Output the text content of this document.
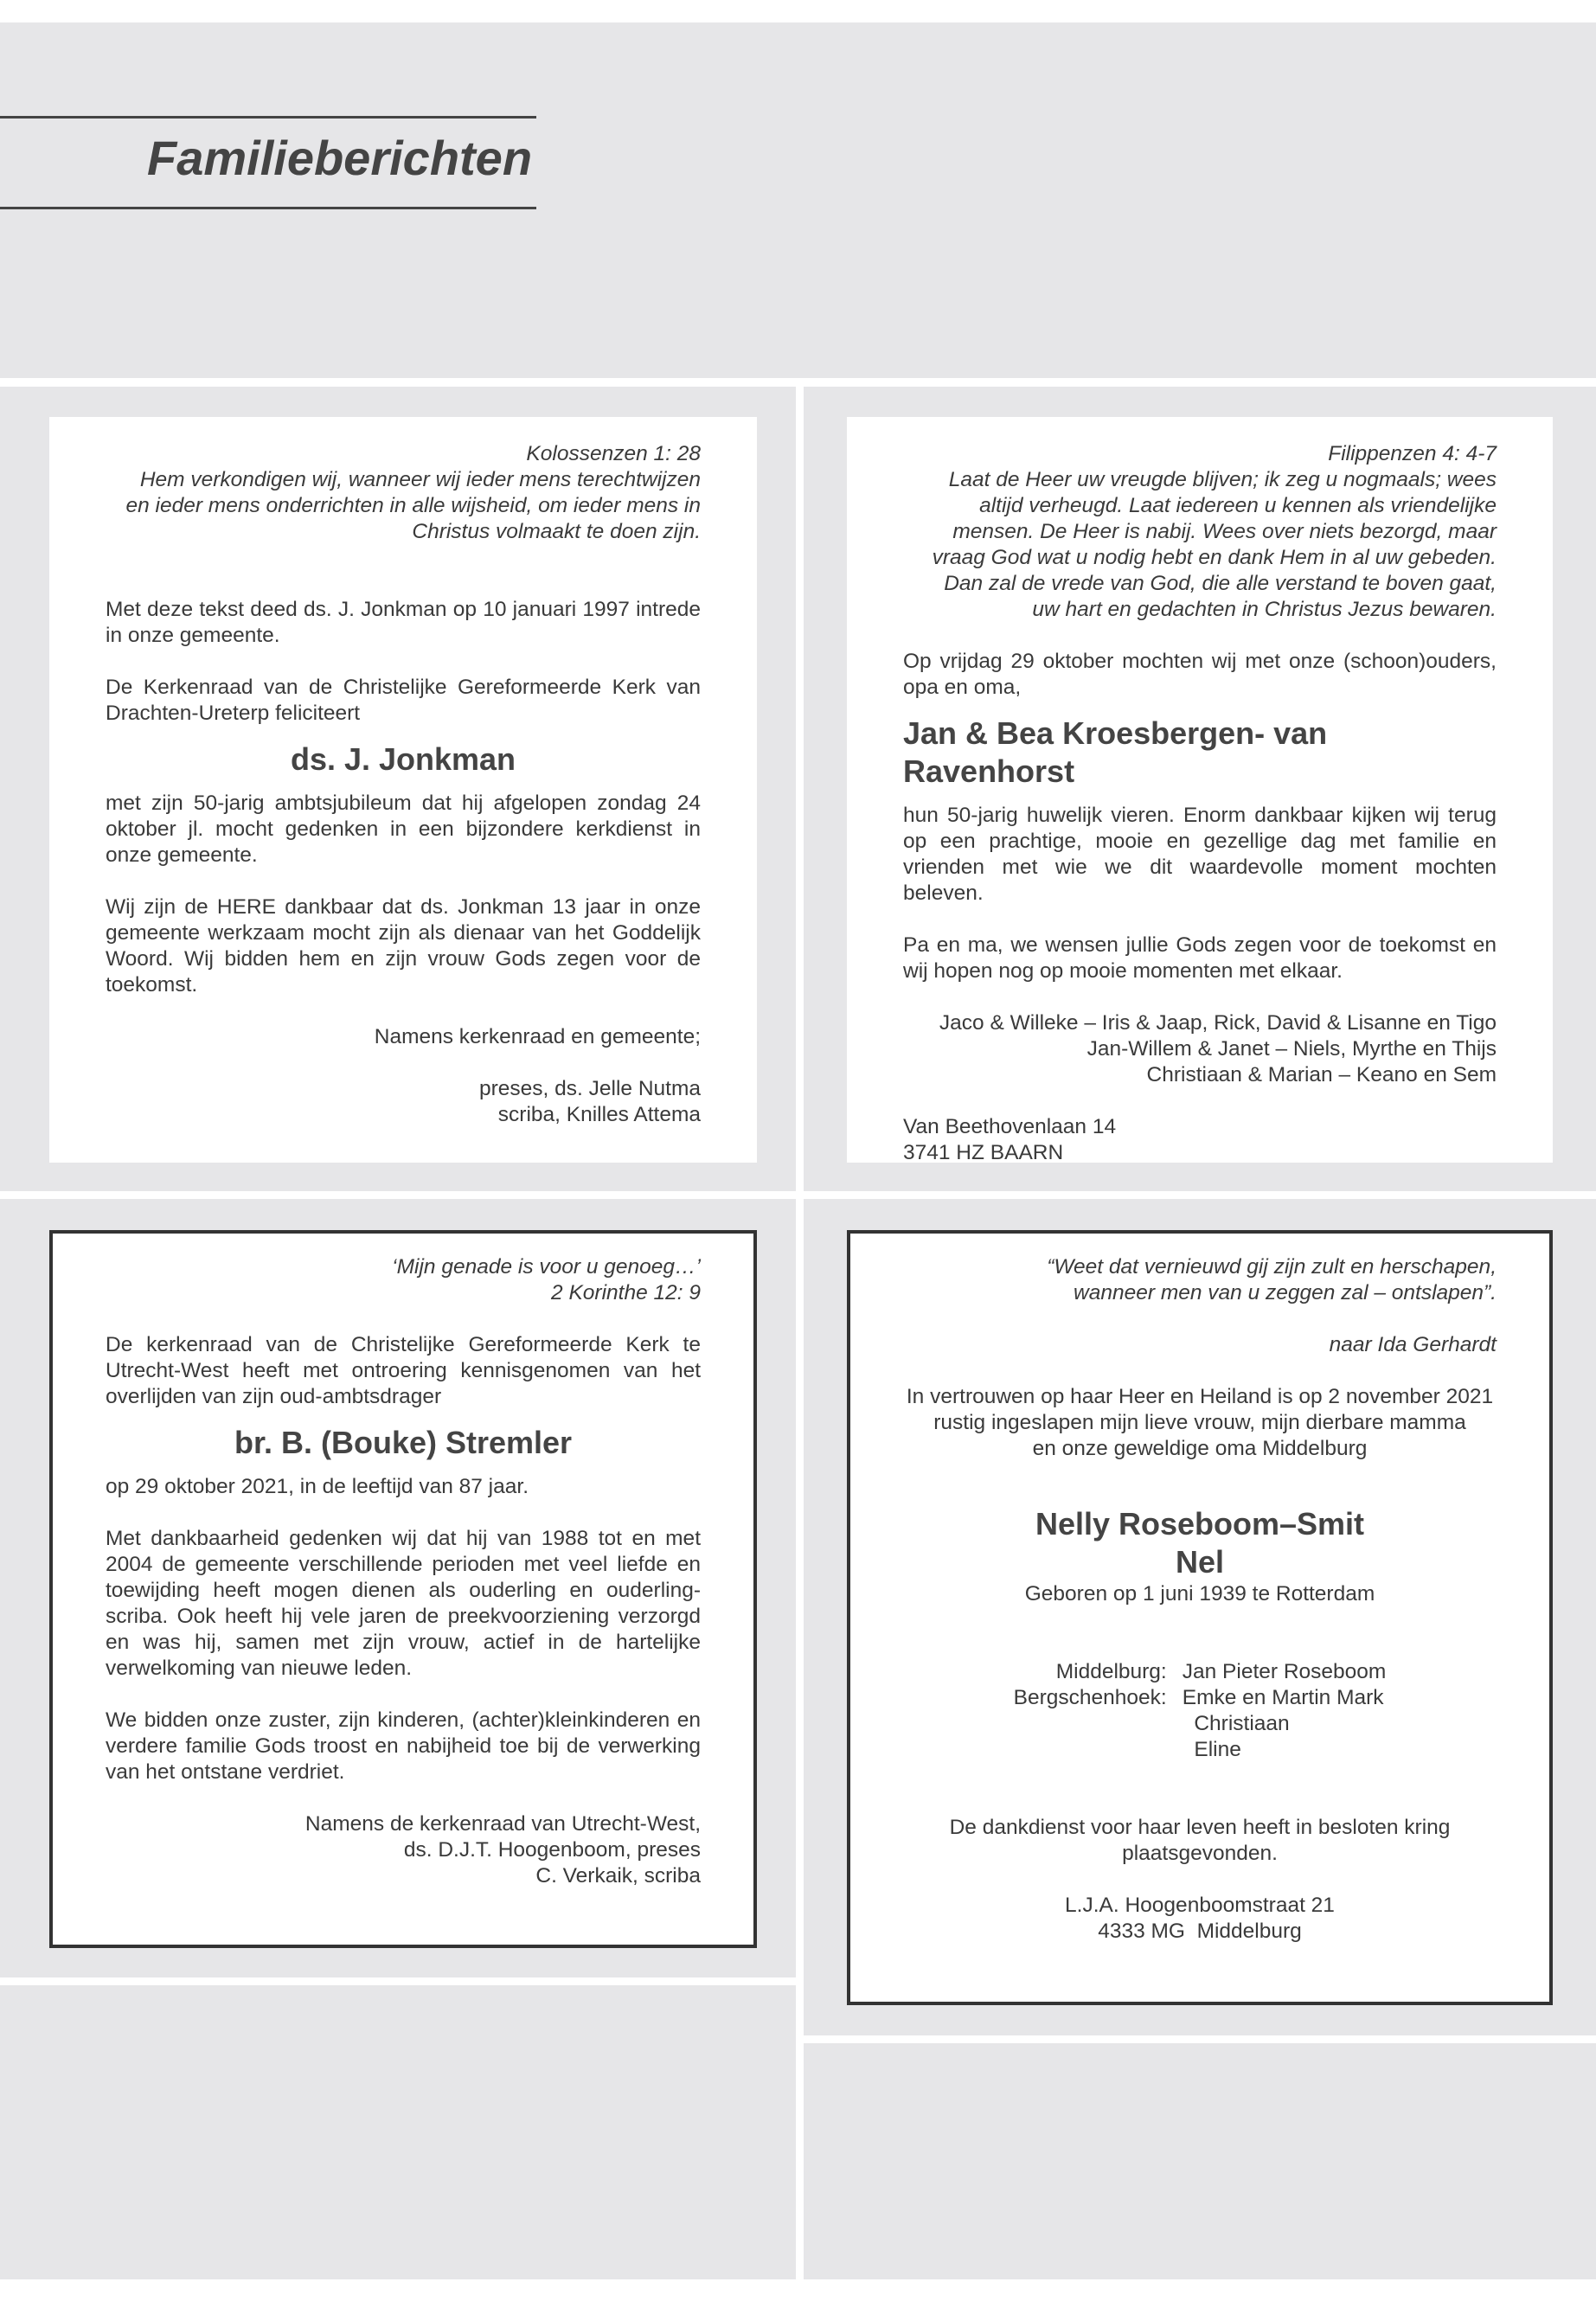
Familieberichten

Kolossenzen 1: 28

Hem verkondigen wij, wanneer wij ieder mens terechtwijzen

en ieder mens onderrichten in alle wijsheid, om ieder mens in

Christus volmaakt te doen zijn.

Met deze tekst deed ds. J. Jonkman op 10 januari 1997 intrede in onze gemeente.

De Kerkenraad van de Christelijke Gereformeerde Kerk van Drachten-Ureterp feliciteert

ds. J. Jonkman

met zijn 50-jarig ambtsjubileum dat hij afgelopen zondag 24 oktober jl. mocht gedenken in een bijzondere kerkdienst in onze gemeente.

Wij zijn de HERE dankbaar dat ds. Jonkman 13 jaar in onze gemeente werkzaam mocht zijn als dienaar van het Goddelijk Woord. Wij bidden hem en zijn vrouw Gods zegen voor de toekomst.

Namens kerkenraad en gemeente;

preses, ds. Jelle Nutma

scriba, Knilles Attema

Filippenzen 4: 4-7

Laat de Heer uw vreugde blijven; ik zeg u nogmaals; wees

altijd verheugd. Laat iedereen u kennen als vriendelijke

mensen. De Heer is nabij. Wees over niets bezorgd, maar

vraag God wat u nodig hebt en dank Hem in al uw gebeden.

Dan zal de vrede van God, die alle verstand te boven gaat,

uw hart en gedachten in Christus Jezus bewaren.

Op vrijdag 29 oktober mochten wij met onze (schoon)ouders, opa en oma,

Jan & Bea Kroesbergen- van Ravenhorst

hun 50-jarig huwelijk vieren. Enorm dankbaar kijken wij terug op een prachtige, mooie en gezellige dag met familie en vrienden met wie we dit waardevolle moment mochten beleven.

Pa en ma, we wensen jullie Gods zegen voor de toekomst en wij hopen nog op mooie momenten met elkaar.

Jaco & Willeke – Iris & Jaap, Rick, David & Lisanne en Tigo

Jan-Willem & Janet – Niels, Myrthe en Thijs

Christiaan & Marian – Keano en Sem

Van Beethovenlaan 14

3741 HZ BAARN

‘Mijn genade is voor u genoeg…’

2 Korinthe 12: 9

De kerkenraad van de Christelijke Gereformeerde Kerk te Utrecht-West heeft met ontroering kennisgenomen van het overlijden van zijn oud-ambtsdrager

br. B. (Bouke) Stremler

op 29 oktober 2021, in de leeftijd van 87 jaar.

Met dankbaarheid gedenken wij dat hij van 1988 tot en met 2004 de gemeente verschillende perioden met veel liefde en toewijding heeft mogen dienen als ouderling en ouderling-scriba. Ook heeft hij vele jaren de preekvoorziening verzorgd en was hij, samen met zijn vrouw, actief in de hartelijke verwelkoming van nieuwe leden.

We bidden onze zuster, zijn kinderen, (achter)kleinkinderen en verdere familie Gods troost en nabijheid toe bij de verwerking van het ontstane verdriet.

Namens de kerkenraad van Utrecht-West,

ds. D.J.T. Hoogenboom, preses

C. Verkaik, scriba

“Weet dat vernieuwd gij zijn zult en herschapen,

wanneer men van u zeggen zal – ontslapen”.

naar Ida Gerhardt

In vertrouwen op haar Heer en Heiland is op 2 november 2021

rustig ingeslapen mijn lieve vrouw, mijn dierbare mamma

en onze geweldige oma Middelburg

Nelly Roseboom–Smit

Nel

Geboren op 1 juni 1939 te Rotterdam

Middelburg:	Jan Pieter Roseboom
Bergschenhoek:	Emke en Martin Mark
	Christiaan
	Eline

De dankdienst voor haar leven heeft in besloten kring

plaatsgevonden.

L.J.A. Hoogenboomstraat 21

4333 MG  Middelburg
